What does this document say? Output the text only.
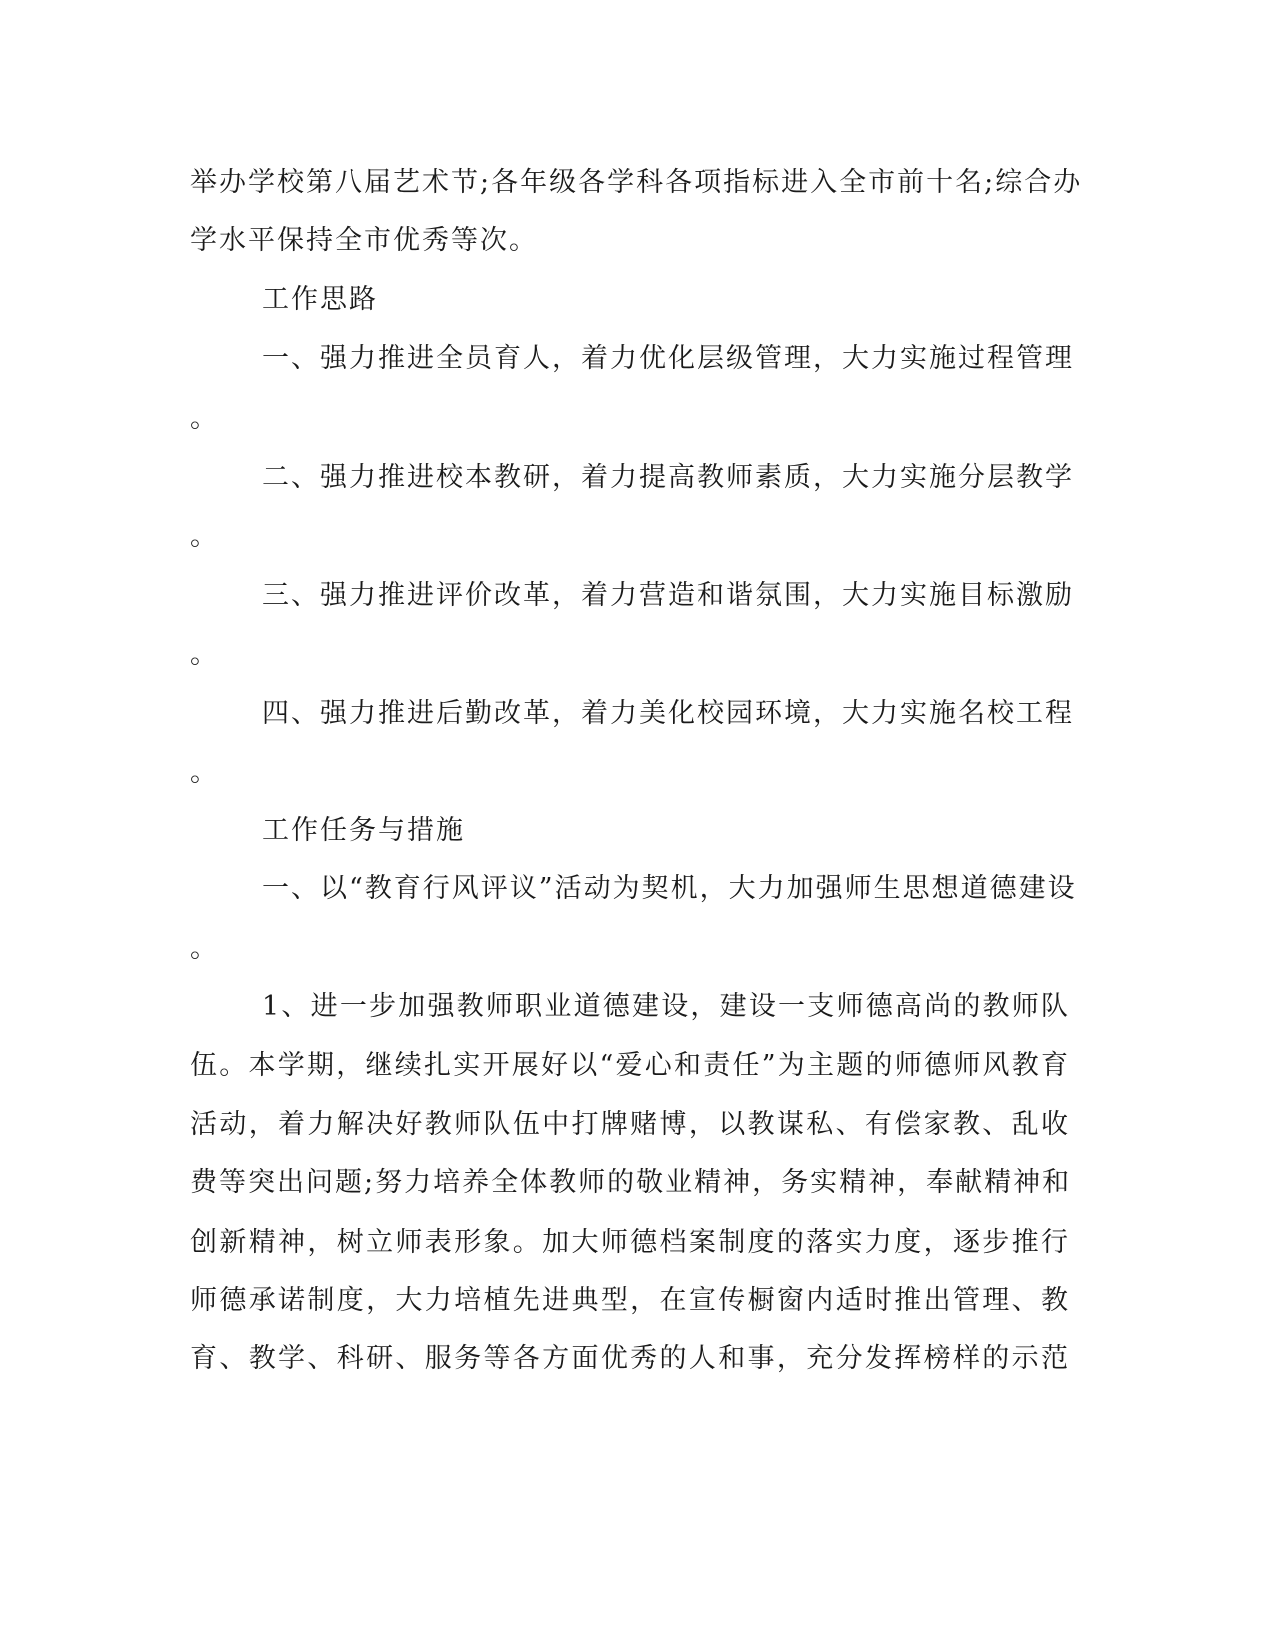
举办学校第八届艺术节;各年级各学科各项指标进入全市前十名;综合办
学水平保持全市优秀等次。
工作思路
一、强力推进全员育人，着力优化层级管理，大力实施过程管理
。
二、强力推进校本教研，着力提高教师素质，大力实施分层教学
。
三、强力推进评价改革，着力营造和谐氛围，大力实施目标激励
。
四、强力推进后勤改革，着力美化校园环境，大力实施名校工程
。
工作任务与措施
一、以“教育行风评议”活动为契机，大力加强师生思想道德建设
。
1、进一步加强教师职业道德建设，建设一支师德高尚的教师队
伍。本学期，继续扎实开展好以“爱心和责任”为主题的师德师风教育
活动，着力解决好教师队伍中打牌赌博，以教谋私、有偿家教、乱收
费等突出问题;努力培养全体教师的敬业精神，务实精神，奉献精神和
创新精神，树立师表形象。加大师德档案制度的落实力度，逐步推行
师德承诺制度，大力培植先进典型，在宣传橱窗内适时推出管理、教
育、教学、科研、服务等各方面优秀的人和事，充分发挥榜样的示范
